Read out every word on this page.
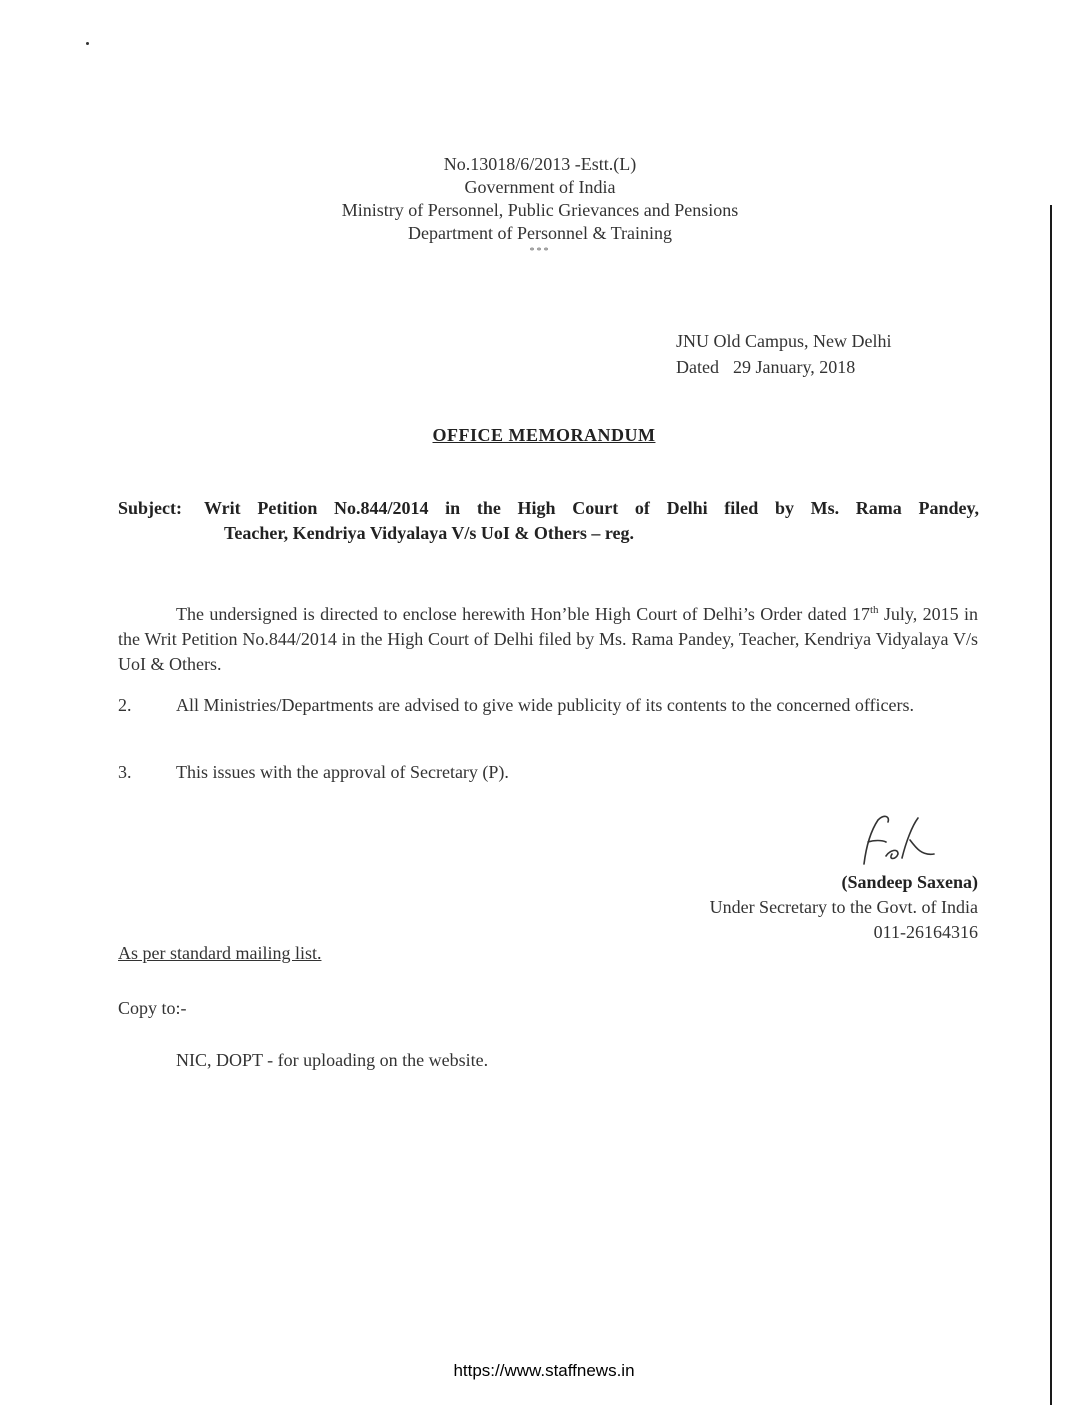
No.13018/6/2013 -Estt.(L)
Government of India
Ministry of Personnel, Public Grievances and Pensions
Department of Personnel & Training
***
JNU Old Campus, New Delhi
Dated 29 January, 2018
OFFICE MEMORANDUM
Subject: Writ Petition No.844/2014 in the High Court of Delhi filed by Ms. Rama Pandey,
Teacher, Kendriya Vidyalaya V/s UoI & Others – reg.
The undersigned is directed to enclose herewith Hon’ble High Court of Delhi’s Order dated 17th July, 2015 in the Writ Petition No.844/2014 in the High Court of Delhi filed by Ms. Rama Pandey, Teacher, Kendriya Vidyalaya V/s UoI & Others.
2. All Ministries/Departments are advised to give wide publicity of its contents to the concerned officers.
3. This issues with the approval of Secretary (P).
(Sandeep Saxena)
Under Secretary to the Govt. of India
011-26164316
As per standard mailing list.
Copy to:-
NIC, DOPT - for uploading on the website.
https://www.staffnews.in
